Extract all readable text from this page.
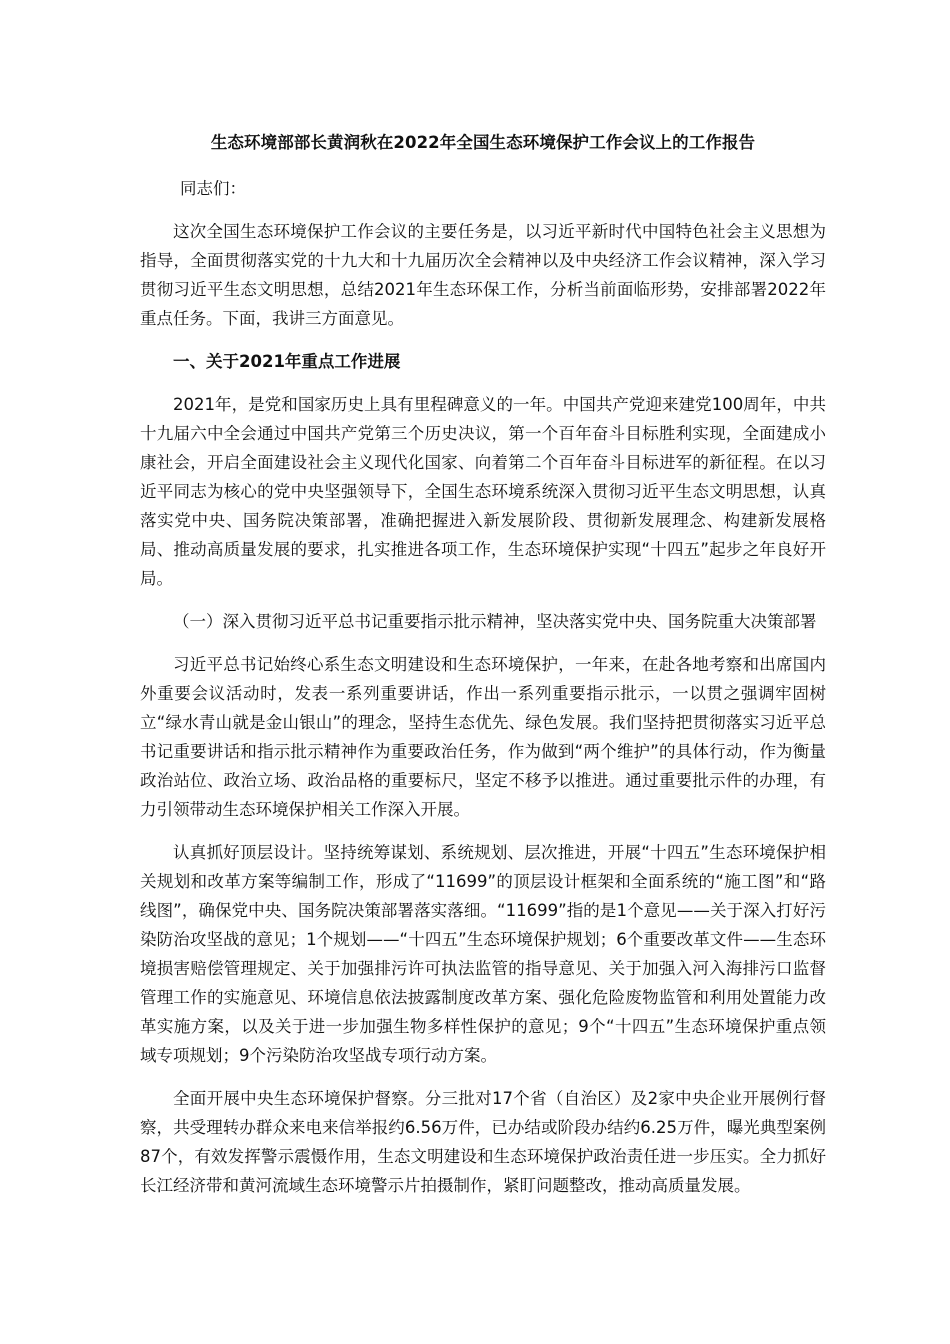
生态环境部部长黄润秋在2022年全国生态环境保护工作会议上的工作报告
同志们：

这次全国生态环境保护工作会议的主要任务是，以习近平新时代中国特色社会主义思想为指导，全面贯彻落实党的十九大和十九届历次全会精神以及中央经济工作会议精神，深入学习贯彻习近平生态文明思想，总结2021年生态环保工作，分析当前面临形势，安排部署2022年重点任务。下面，我讲三方面意见。

一、关于2021年重点工作进展

2021年，是党和国家历史上具有里程碑意义的一年。中国共产党迎来建党100周年，中共十九届六中全会通过中国共产党第三个历史决议，第一个百年奋斗目标胜利实现，全面建成小康社会，开启全面建设社会主义现代化国家、向着第二个百年奋斗目标进军的新征程。在以习近平同志为核心的党中央坚强领导下，全国生态环境系统深入贯彻习近平生态文明思想，认真落实党中央、国务院决策部署，准确把握进入新发展阶段、贯彻新发展理念、构建新发展格局、推动高质量发展的要求，扎实推进各项工作，生态环境保护实现“十四五”起步之年良好开局。

（一）深入贯彻习近平总书记重要指示批示精神，坚决落实党中央、国务院重大决策部署

习近平总书记始终心系生态文明建设和生态环境保护，一年来，在赴各地考察和出席国内外重要会议活动时，发表一系列重要讲话，作出一系列重要指示批示，一以贯之强调牢固树立“绿水青山就是金山银山”的理念，坚持生态优先、绿色发展。我们坚持把贯彻落实习近平总书记重要讲话和指示批示精神作为重要政治任务，作为做到“两个维护”的具体行动，作为衡量政治站位、政治立场、政治品格的重要标尺，坚定不移予以推进。通过重要批示件的办理，有力引领带动生态环境保护相关工作深入开展。

认真抓好顶层设计。坚持统筹谋划、系统规划、层次推进，开展“十四五”生态环境保护相关规划和改革方案等编制工作，形成了“11699”的顶层设计框架和全面系统的“施工图”和“路线图”，确保党中央、国务院决策部署落实落细。“11699”指的是1个意见——关于深入打好污染防治攻坚战的意见；1个规划——“十四五”生态环境保护规划；6个重要改革文件——生态环境损害赔偿管理规定、关于加强排污许可执法监管的指导意见、关于加强入河入海排污口监督管理工作的实施意见、环境信息依法披露制度改革方案、强化危险废物监管和利用处置能力改革实施方案，以及关于进一步加强生物多样性保护的意见；9个“十四五”生态环境保护重点领域专项规划；9个污染防治攻坚战专项行动方案。

全面开展中央生态环境保护督察。分三批对17个省（自治区）及2家中央企业开展例行督察，共受理转办群众来电来信举报约6.56万件，已办结或阶段办结约6.25万件，曝光典型案例87个，有效发挥警示震慑作用，生态文明建设和生态环境保护政治责任进一步压实。全力抓好长江经济带和黄河流域生态环境警示片拍摄制作，紧盯问题整改，推动高质量发展。
